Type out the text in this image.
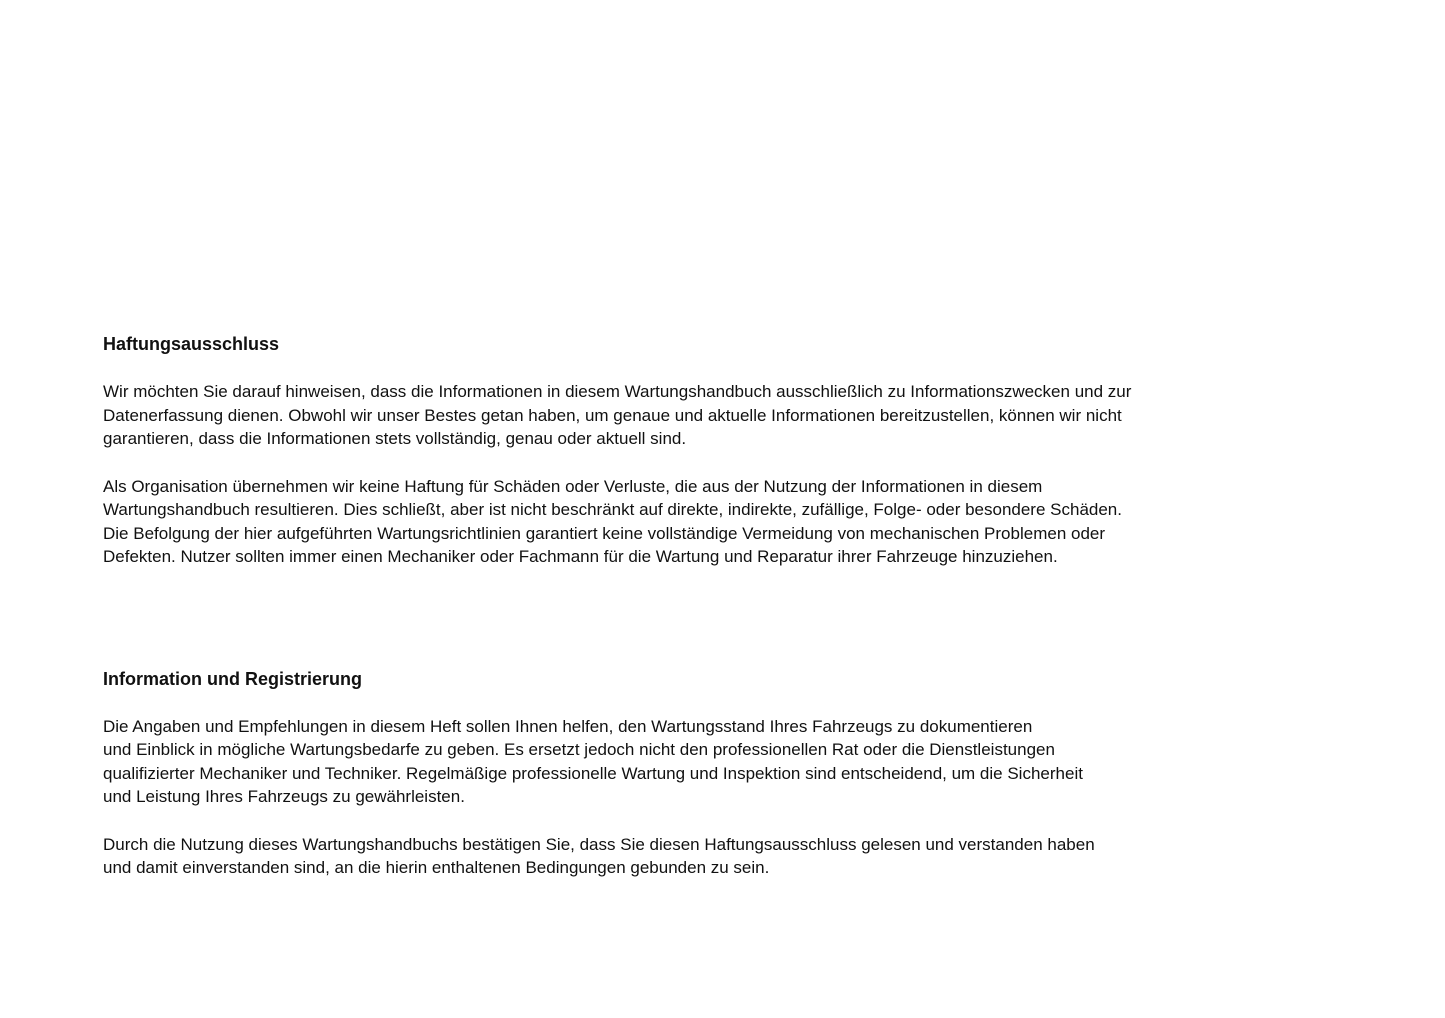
Haftungsausschluss

Wir möchten Sie darauf hinweisen, dass die Informationen in diesem Wartungshandbuch ausschließlich zu Informationszwecken und zur
Datenerfassung dienen. Obwohl wir unser Bestes getan haben, um genaue und aktuelle Informationen bereitzustellen, können wir nicht
garantieren, dass die Informationen stets vollständig, genau oder aktuell sind.

Als Organisation übernehmen wir keine Haftung für Schäden oder Verluste, die aus der Nutzung der Informationen in diesem
Wartungshandbuch resultieren. Dies schließt, aber ist nicht beschränkt auf direkte, indirekte, zufällige, Folge- oder besondere Schäden.
Die Befolgung der hier aufgeführten Wartungsrichtlinien garantiert keine vollständige Vermeidung von mechanischen Problemen oder
Defekten. Nutzer sollten immer einen Mechaniker oder Fachmann für die Wartung und Reparatur ihrer Fahrzeuge hinzuziehen.

Information und Registrierung

Die Angaben und Empfehlungen in diesem Heft sollen Ihnen helfen, den Wartungsstand Ihres Fahrzeugs zu dokumentieren
und Einblick in mögliche Wartungsbedarfe zu geben. Es ersetzt jedoch nicht den professionellen Rat oder die Dienstleistungen
qualifizierter Mechaniker und Techniker. Regelmäßige professionelle Wartung und Inspektion sind entscheidend, um die Sicherheit
und Leistung Ihres Fahrzeugs zu gewährleisten.

Durch die Nutzung dieses Wartungshandbuchs bestätigen Sie, dass Sie diesen Haftungsausschluss gelesen und verstanden haben
und damit einverstanden sind, an die hierin enthaltenen Bedingungen gebunden zu sein.
